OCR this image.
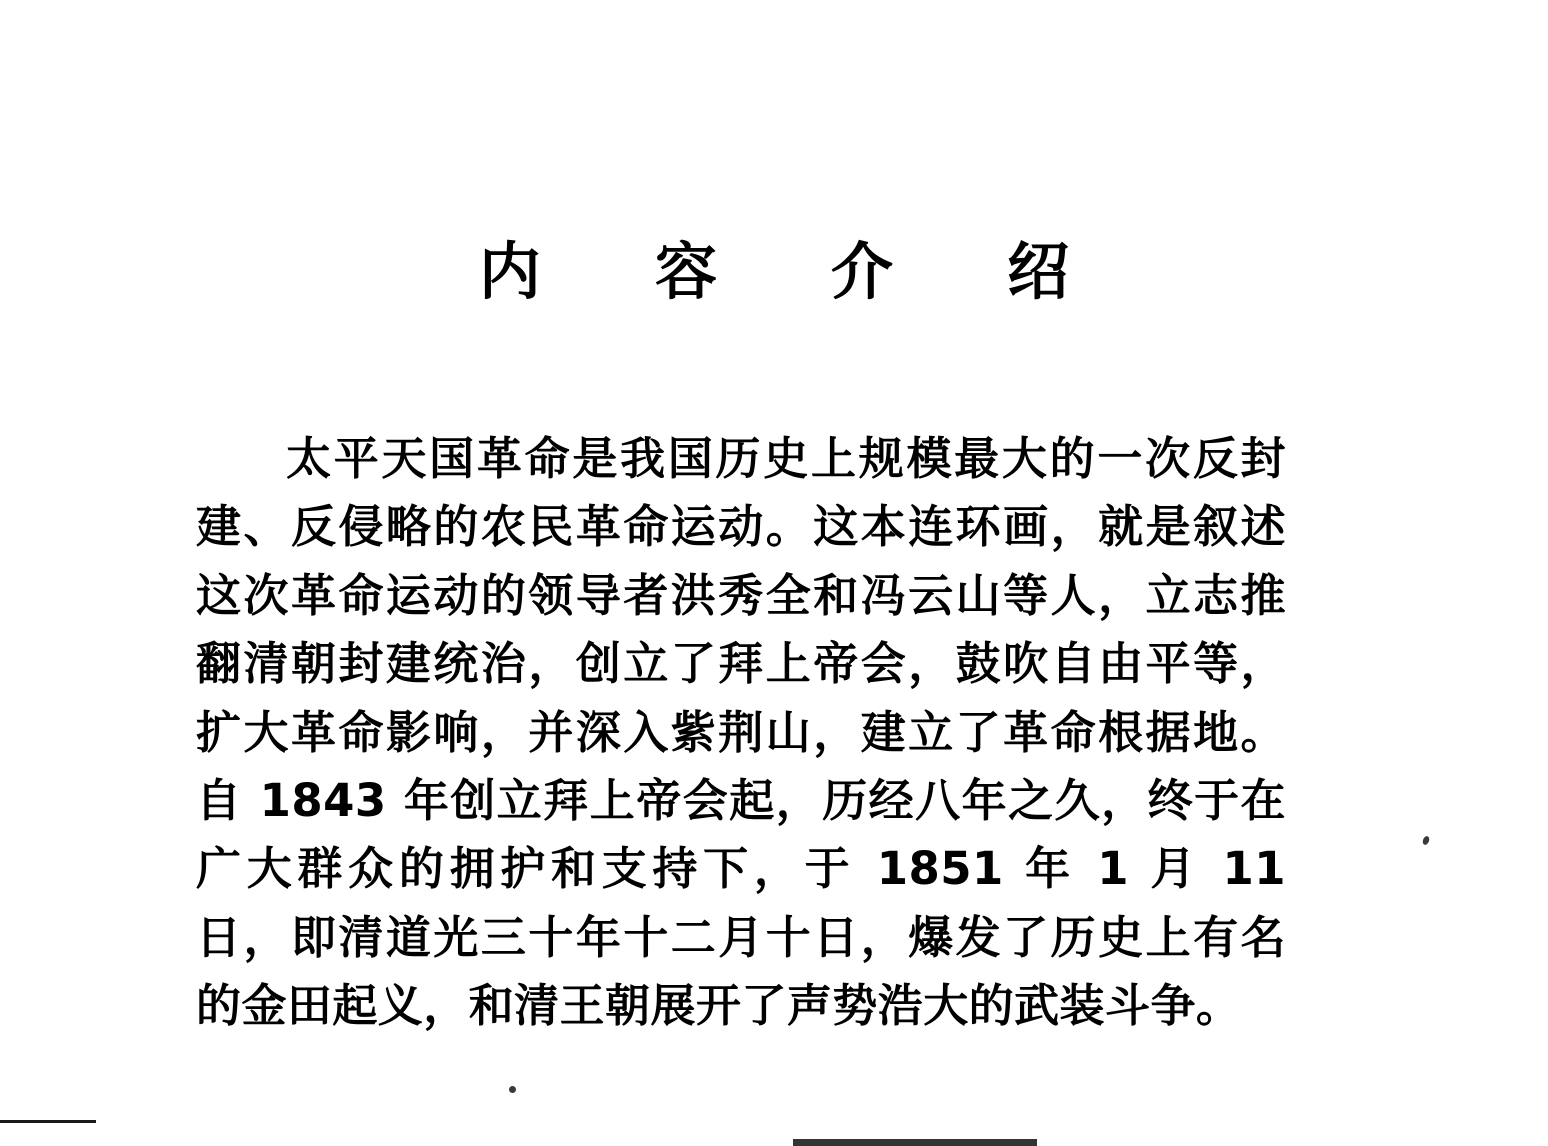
内　容　介　绍

太平天国革命是我国历史上规模最大的一次反封建、反侵略的农民革命运动。这本连环画，就是叙述这次革命运动的领导者洪秀全和冯云山等人，立志推翻清朝封建统治，创立了拜上帝会，鼓吹自由平等，扩大革命影响，并深入紫荆山，建立了革命根据地。自 1843 年创立拜上帝会起，历经八年之久，终于在广大群众的拥护和支持下，于 1851 年 1 月 11 日，即清道光三十年十二月十日，爆发了历史上有名的金田起义，和清王朝展开了声势浩大的武装斗争。
